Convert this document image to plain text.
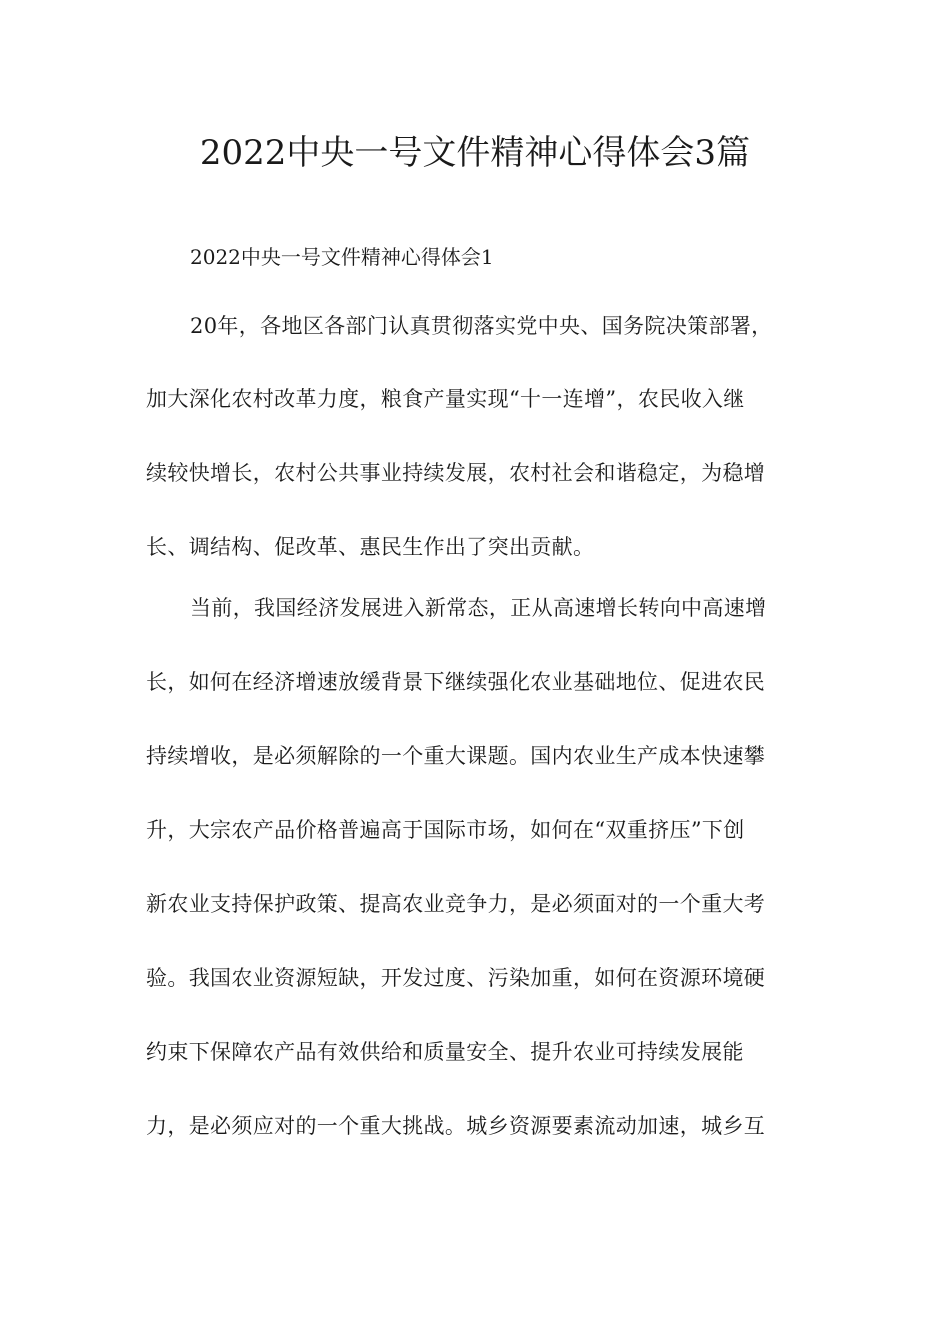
2022中央一号文件精神心得体会3篇
2022中央一号文件精神心得体会1

20年，各地区各部门认真贯彻落实党中央、国务院决策部署，

加大深化农村改革力度，粮食产量实现“十一连增”，农民收入继

续较快增长，农村公共事业持续发展，农村社会和谐稳定，为稳增

长、调结构、促改革、惠民生作出了突出贡献。

当前，我国经济发展进入新常态，正从高速增长转向中高速增

长，如何在经济增速放缓背景下继续强化农业基础地位、促进农民

持续增收，是必须解除的一个重大课题。国内农业生产成本快速攀

升，大宗农产品价格普遍高于国际市场，如何在“双重挤压”下创

新农业支持保护政策、提高农业竞争力，是必须面对的一个重大考

验。我国农业资源短缺，开发过度、污染加重，如何在资源环境硬

约束下保障农产品有效供给和质量安全、提升农业可持续发展能

力，是必须应对的一个重大挑战。城乡资源要素流动加速，城乡互
